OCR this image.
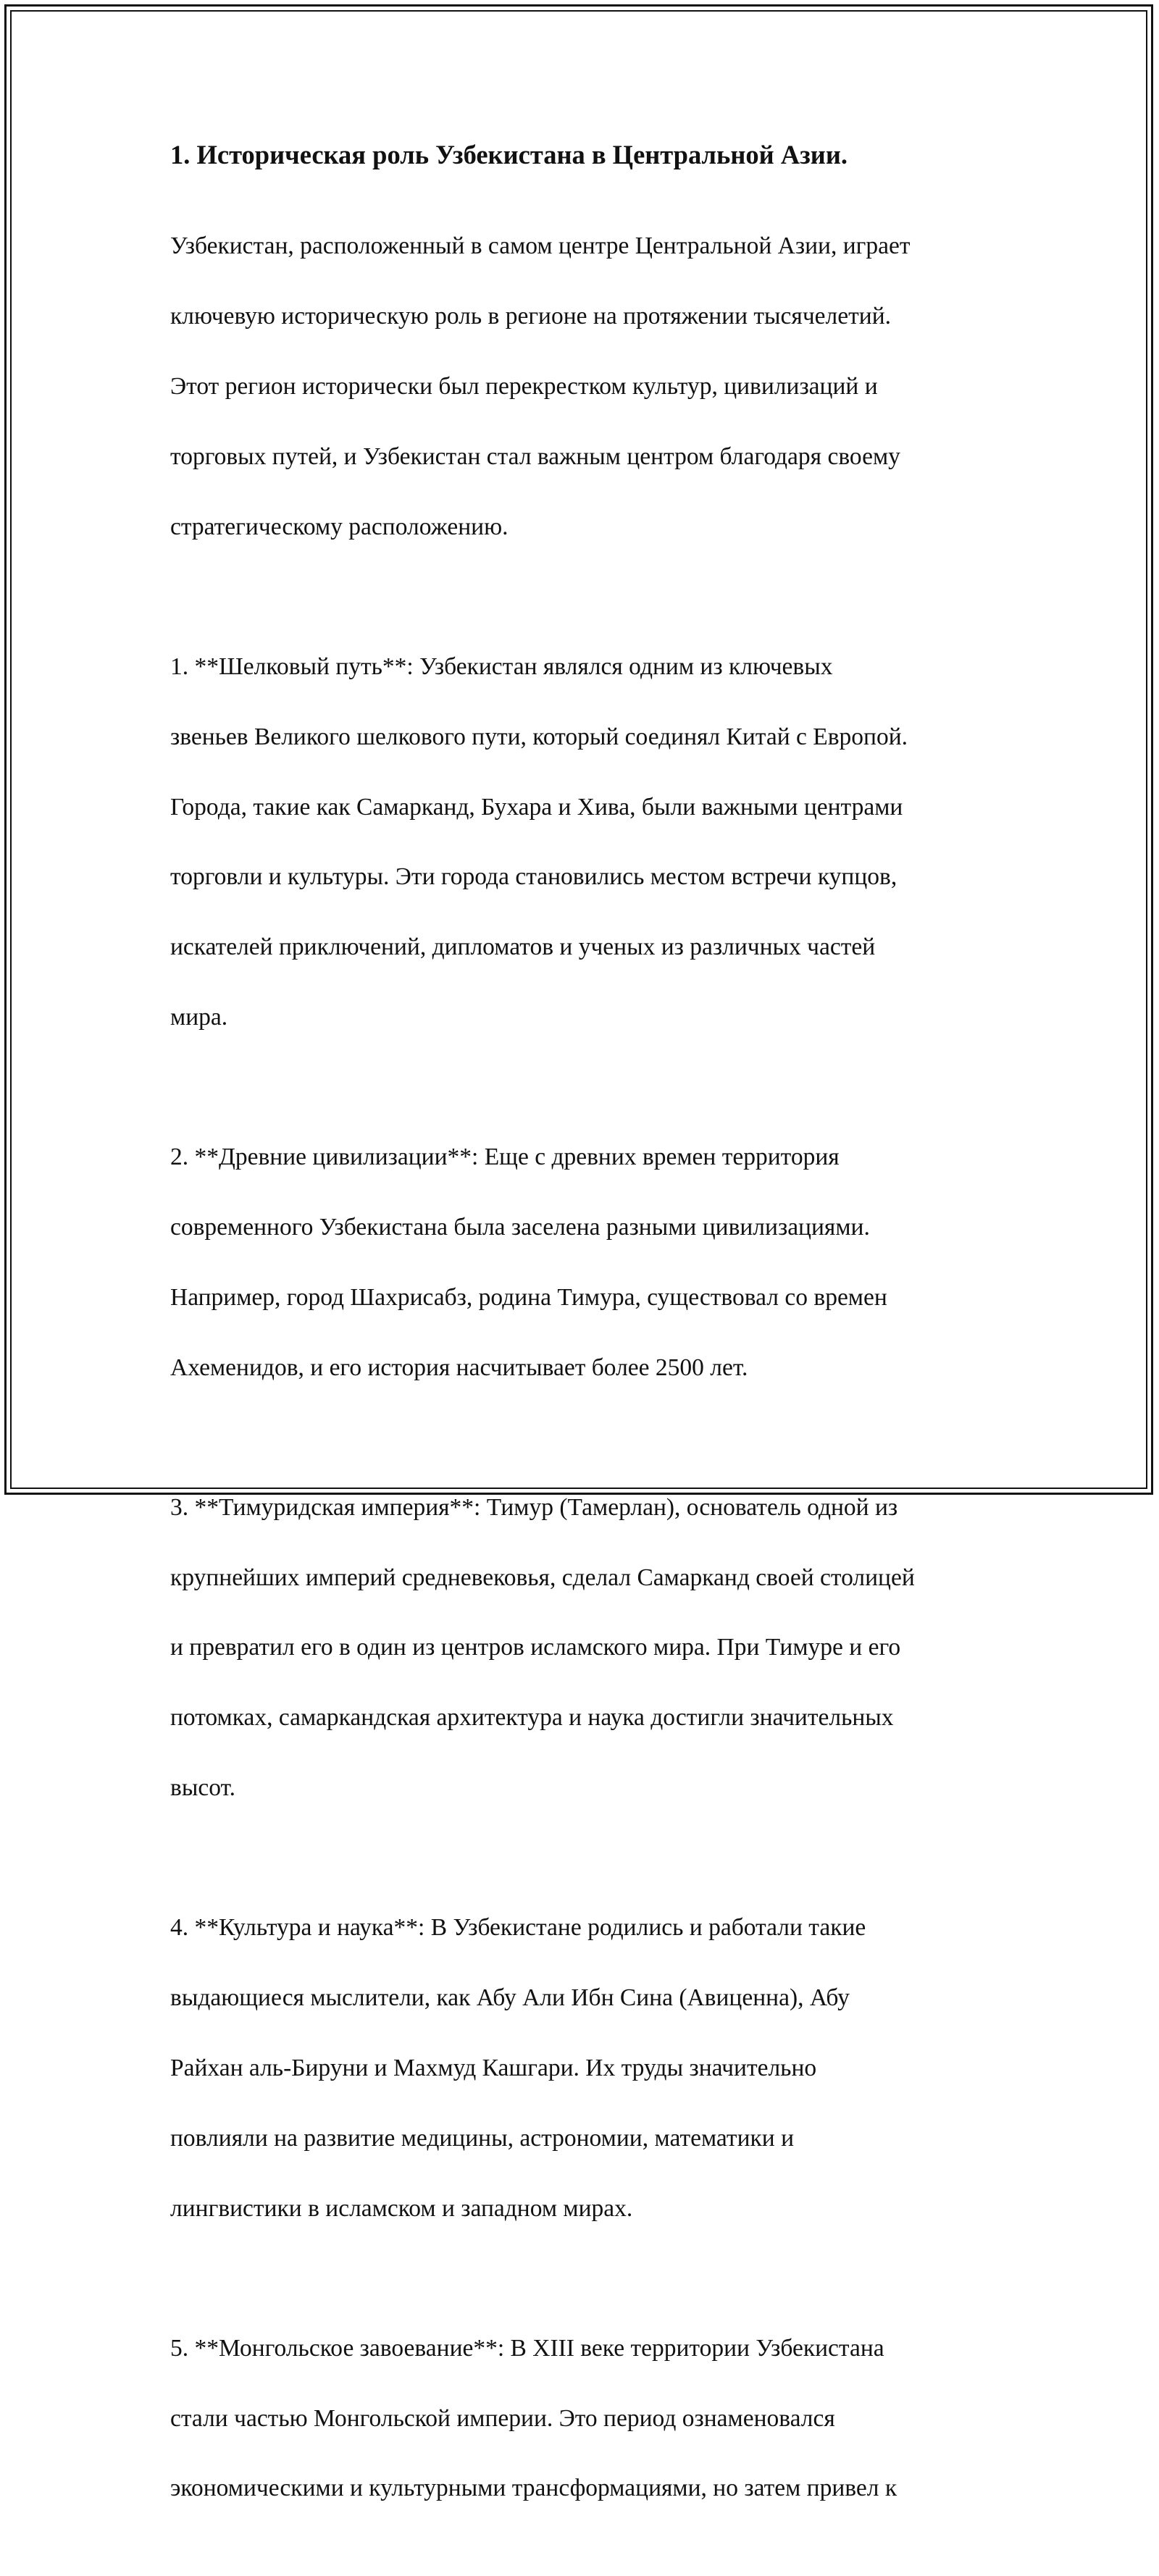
1. Историческая роль Узбекистана в Центральной Азии.

Узбекистан, расположенный в самом центре Центральной Азии, играет

ключевую историческую роль в регионе на протяжении тысячелетий.

Этот регион исторически был перекрестком культур, цивилизаций и

торговых путей, и Узбекистан стал важным центром благодаря своему

стратегическому расположению.

1. **Шелковый путь**: Узбекистан являлся одним из ключевых

звеньев Великого шелкового пути, который соединял Китай с Европой.

Города, такие как Самарканд, Бухара и Хива, были важными центрами

торговли и культуры. Эти города становились местом встречи купцов,

искателей приключений, дипломатов и ученых из различных частей

мира.

2. **Древние цивилизации**: Еще с древних времен территория

современного Узбекистана была заселена разными цивилизациями.

Например, город Шахрисабз, родина Тимура, существовал со времен

Ахеменидов, и его история насчитывает более 2500 лет.

3. **Тимуридская империя**: Тимур (Тамерлан), основатель одной из

крупнейших империй средневековья, сделал Самарканд своей столицей

и превратил его в один из центров исламского мира. При Тимуре и его

потомках, самаркандская архитектура и наука достигли значительных

высот.

4. **Культура и наука**: В Узбекистане родились и работали такие

выдающиеся мыслители, как Абу Али Ибн Сина (Авиценна), Абу

Райхан аль-Бируни и Махмуд Кашгари. Их труды значительно

повлияли на развитие медицины, астрономии, математики и

лингвистики в исламском и западном мирах.

5. **Монгольское завоевание**: В XIII веке территории Узбекистана

стали частью Монгольской империи. Это период ознаменовался

экономическими и культурными трансформациями, но затем привел к
